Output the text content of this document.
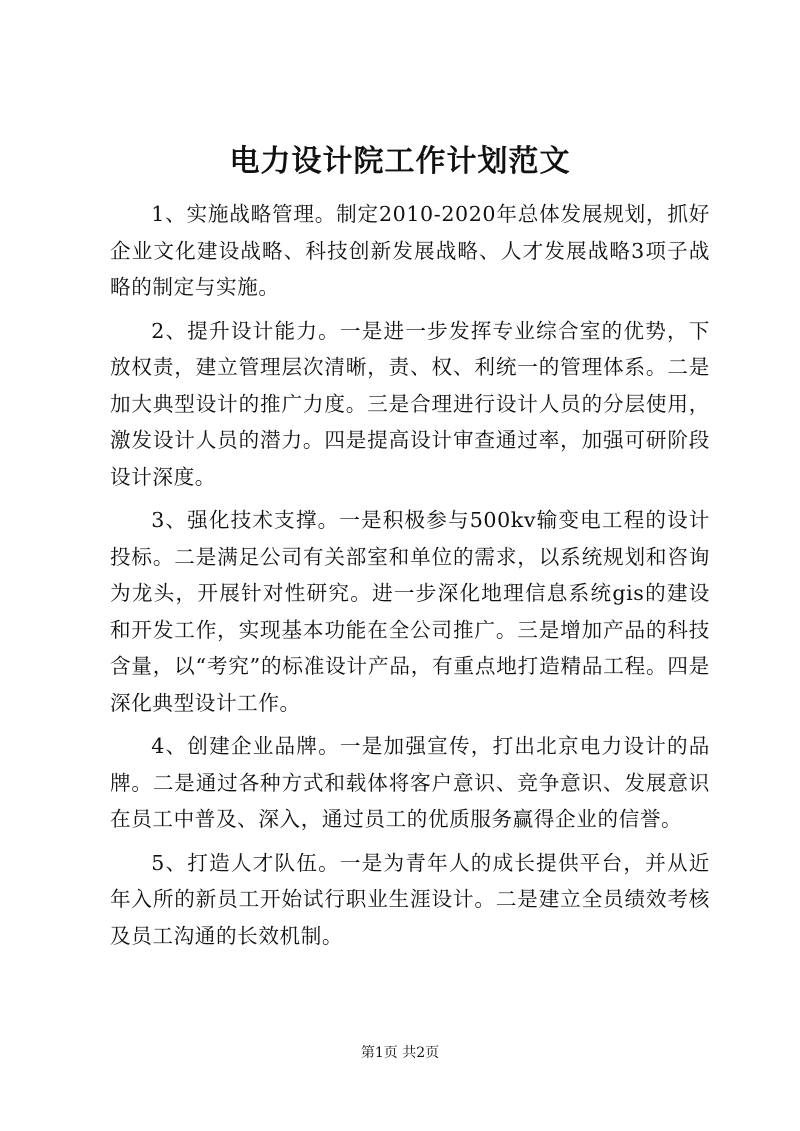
电力设计院工作计划范文

1、实施战略管理。制定2010-2020年总体发展规划，抓好企业文化建设战略、科技创新发展战略、人才发展战略3项子战略的制定与实施。

2、提升设计能力。一是进一步发挥专业综合室的优势，下放权责，建立管理层次清晰，责、权、利统一的管理体系。二是加大典型设计的推广力度。三是合理进行设计人员的分层使用，激发设计人员的潜力。四是提高设计审查通过率，加强可研阶段设计深度。

3、强化技术支撑。一是积极参与500kv输变电工程的设计投标。二是满足公司有关部室和单位的需求，以系统规划和咨询为龙头，开展针对性研究。进一步深化地理信息系统gis的建设和开发工作，实现基本功能在全公司推广。三是增加产品的科技含量，以“考究”的标准设计产品，有重点地打造精品工程。四是深化典型设计工作。

4、创建企业品牌。一是加强宣传，打出北京电力设计的品牌。二是通过各种方式和载体将客户意识、竞争意识、发展意识在员工中普及、深入，通过员工的优质服务赢得企业的信誉。

5、打造人才队伍。一是为青年人的成长提供平台，并从近年入所的新员工开始试行职业生涯设计。二是建立全员绩效考核及员工沟通的长效机制。

第1页 共2页
